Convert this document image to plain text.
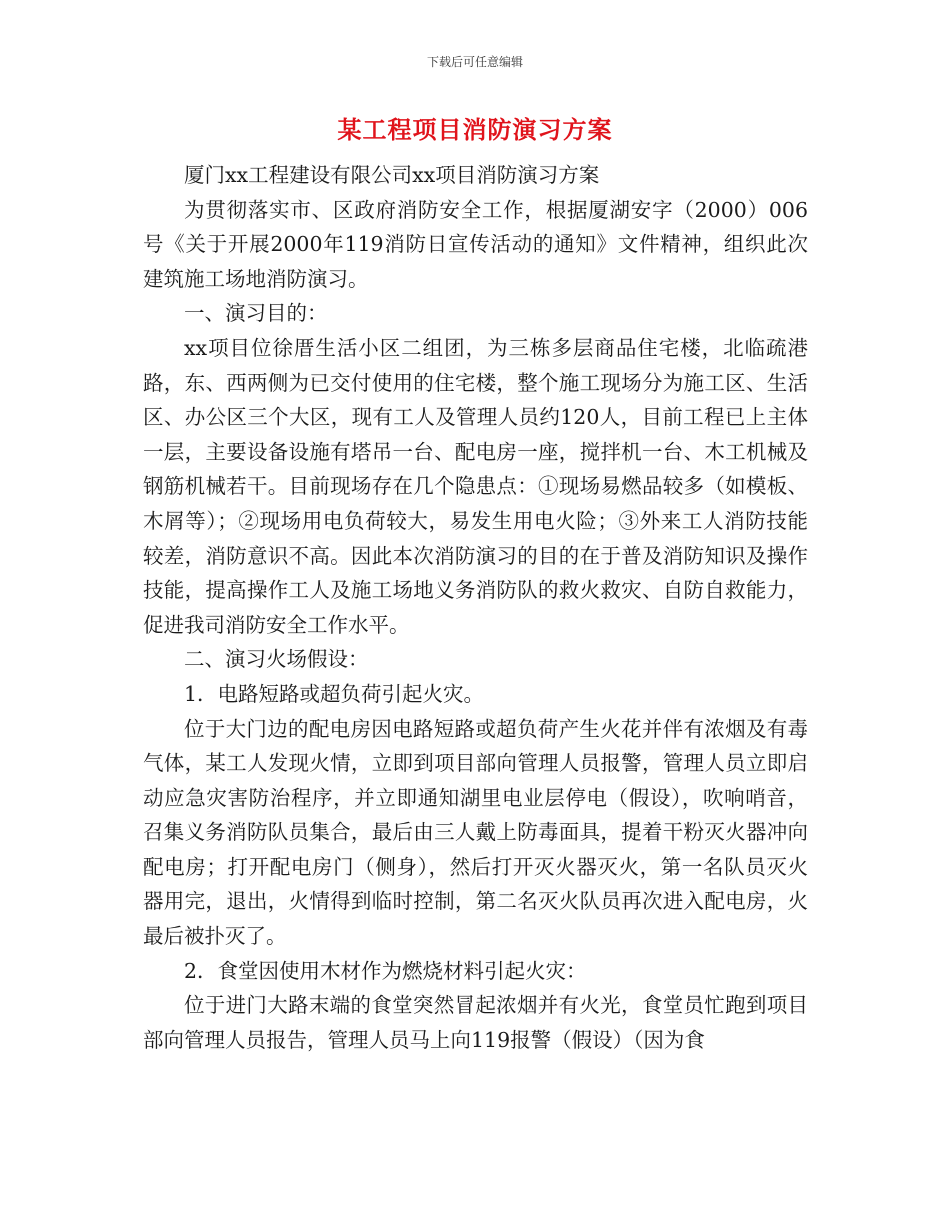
下载后可任意编辑
某工程项目消防演习方案

厦门xx工程建设有限公司xx项目消防演习方案

为贯彻落实市、区政府消防安全工作，根据厦湖安字（2000）006号《关于开展2000年119消防日宣传活动的通知》文件精神，组织此次建筑施工场地消防演习。

一、演习目的：

xx项目位徐厝生活小区二组团，为三栋多层商品住宅楼，北临疏港路，东、西两侧为已交付使用的住宅楼，整个施工现场分为施工区、生活区、办公区三个大区，现有工人及管理人员约120人，目前工程已上主体一层，主要设备设施有塔吊一台、配电房一座，搅拌机一台、木工机械及钢筋机械若干。目前现场存在几个隐患点：①现场易燃品较多（如模板、木屑等）；②现场用电负荷较大，易发生用电火险；③外来工人消防技能较差，消防意识不高。因此本次消防演习的目的在于普及消防知识及操作技能，提高操作工人及施工场地义务消防队的救火救灾、自防自救能力，促进我司消防安全工作水平。

二、演习火场假设：

1．电路短路或超负荷引起火灾。

位于大门边的配电房因电路短路或超负荷产生火花并伴有浓烟及有毒气体，某工人发现火情，立即到项目部向管理人员报警，管理人员立即启动应急灾害防治程序，并立即通知湖里电业层停电（假设），吹响哨音，召集义务消防队员集合，最后由三人戴上防毒面具，提着干粉灭火器冲向配电房；打开配电房门（侧身），然后打开灭火器灭火，第一名队员灭火器用完，退出，火情得到临时控制，第二名灭火队员再次进入配电房，火最后被扑灭了。

2．食堂因使用木材作为燃烧材料引起火灾：

位于进门大路末端的食堂突然冒起浓烟并有火光，食堂员忙跑到项目部向管理人员报告，管理人员马上向119报警（假设）（因为食
